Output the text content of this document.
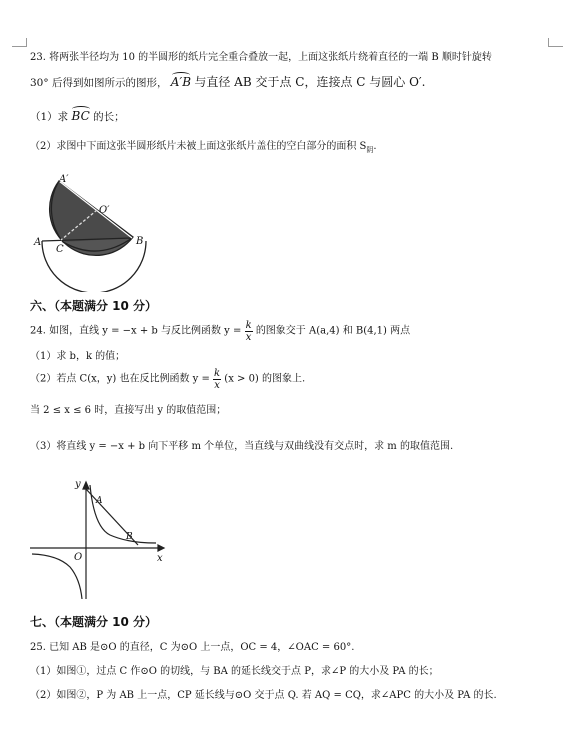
23. 将两张半径均为 10 的半圆形的纸片完全重合叠放一起，上面这张纸片绕着直径的一端 B 顺时针旋转
30° 后得到如图所示的图形， A′B 与直径 AB 交于点 C，连接点 C 与圆心 O′.
（1）求 BC 的长；
（2）求图中下面这张半圆形纸片未被上面这张纸片盖住的空白部分的面积 $S_阴$.
A′
O′
A
C
B
六、（本题满分 10 分）
24. 如图，直线 y = −x + b 与反比例函数 $y = \frac{k}{x}$ 的图象交于 A(a,4) 和 B(4,1) 两点
（1）求 b，k 的值；
（2）若点 C(x，y) 也在反比例函数 $y = \frac{k}{x} (x > 0)$ 的图象上.
当 2 ≤ x ≤ 6 时，直接写出 y 的取值范围；
（3）将直线 y = −x + b 向下平移 m 个单位，当直线与双曲线没有交点时，求 m 的取值范围.
y
x
O
A
B
七、（本题满分 10 分）
25. 已知 AB 是⊙O 的直径，C 为⊙O 上一点，OC = 4，∠OAC = 60°.
（1）如图①，过点 C 作⊙O 的切线，与 BA 的延长线交于点 P，求∠P 的大小及 PA 的长；
（2）如图②，P 为 AB 上一点，CP 延长线与⊙O 交于点 Q. 若 AQ = CQ，求∠APC 的大小及 PA 的长.
